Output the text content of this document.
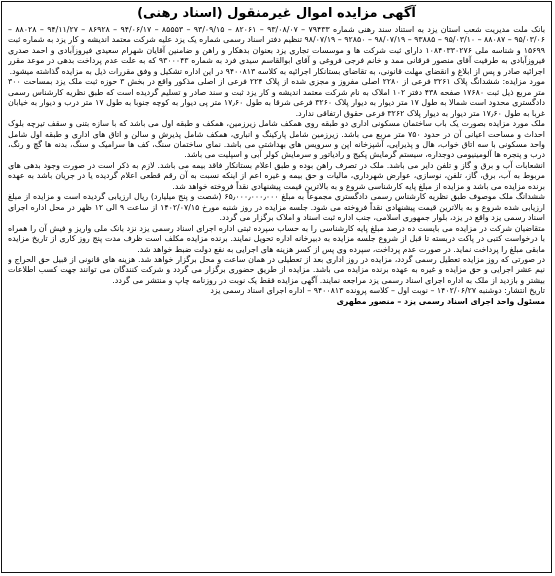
آگهی مزایده اموال غیرمنقول (اسناد رهنی)

بانک ملت مدیریت شعب استان یزد به استناد سند رهنی شماره ۷۹۴۳۳ – ۹۳/۰۸/۰۷ – ۸۲۰۶۱ – ۹۳/۰۹/۱۵ – ۸۵۵۵۳ – ۹۴/۰۶/۱۷ – ۸۶۹۲۸ – ۹۴/۱۱/۲۷ – ۸۸۰۲۸ – ۹۵/۰۳/۰۶ – ۸۸۰۸۷ – ۹۵/۰۳/۱۰ – ۹۳۸۸۵ – ۹۸/۰۷/۱۹ – ۹۲۸۵۰ – ۹۸/۰۷/۱۹ تنظیم دفتر اسناد رسمی شماره یک یزد علیه شرکت معتمد اندیشه و کار یزد به شماره ثبت ۱۵۶۹۹ و شناسه ملی ۱۰۸۴۰۳۳۰۲۷۶ دارای ثبت شرکت ها و موسسات تجاری یزد بعنوان بدهکار و راهن و ضامنین آقایان شهرام سعیدی فیروزآبادی و احمد صدری فیروزآبادی به طرفیت آقای منصور فرقانی ممد و خانم فرجی فروغی و آقای ابوالقاسم سیدی فرد به شماره ۹۳۰۰۰۴۳ که به علت عدم پرداخت بدهی در موعد مقرر اجرائیه صادر و پس از ابلاغ و انقضای مهلت قانونی، به تقاضای بستانکار اجرائیه به کلاسه ۹۴۰۰۸۱۳ در این اداره تشکیل و وفق مقررات ذیل به مزایده گذاشته میشود.

مورد مزایده: ششدانگ پلاک ۳۲۶۱ فرعی از ۲۲۸۰ اصلی مفروز و مجزی شده از پلاک ۲۲۴ فرعی از اصلی مذکور واقع در بخش ۳ حوزه ثبت ملک یزد بمساحت ۳۰۰ متر مربع ذیل ثبت ۱۷۶۸۰ صفحه ۴۳۸ دفتر ۱۰۲ املاک به نام شرکت معتمد اندیشه و کار یزد ثبت و سند صادر و تسلیم گردیده است که طبق نظریه کارشناس رسمی دادگستری محدود است شمالا به طول ۱۷ متر دیوار به دیوار پلاک ۳۲۶۰ فرعی شرقا به طول ۱۷٫۶۰ متر پی دیوار به کوچه جنوبا به طول ۱۷ متر درب و دیوار به خیابان غربا به طول ۱۷٫۶۰ متر دیوار به دیوار پلاک ۳۲۶۲ فرعی حقوق ارتفاقی ندارد.

ملک مورد مزایده بصورت یک باب ساختمان مسکونی اداری دو طبقه روی همکف شامل زیرزمین، همکف و طبقه اول می باشد که با سازه بتنی و سقف تیرچه بلوک احداث و مساحت اعیانی آن در حدود ۷۵۰ متر مربع می باشد. زیرزمین شامل پارکینگ و انباری، همکف شامل پذیرش و سالن و اتاق های اداری و طبقه اول شامل واحد مسکونی با سه اتاق خواب، هال و پذیرایی، آشپزخانه اپن و سرویس های بهداشتی می باشد. نمای ساختمان سنگ، کف ها سرامیک و سنگ، بدنه ها گچ و رنگ، درب و پنجره ها آلومینیومی دوجداره، سیستم گرمایش پکیج و رادیاتور و سرمایش کولر آبی و اسپلیت می باشد.

انشعابات آب و برق و گاز و تلفن دایر می باشد. ملک در تصرف راهن بوده و طبق اعلام بستانکار فاقد بیمه می باشد. لازم به ذکر است در صورت وجود بدهی های مربوط به آب، برق، گاز، تلفن، نوسازی، عوارض شهرداری، مالیات و حق بیمه و غیره اعم از اینکه نسبت به آن رقم قطعی اعلام گردیده یا در جریان باشد به عهده برنده مزایده می باشد و مزایده از مبلغ پایه کارشناسی شروع و به بالاترین قیمت پیشنهادی نقداً فروخته خواهد شد.

ششدانگ ملک موصوف طبق نظریه کارشناس رسمی دادگستری مجموعاً به مبلغ ۶۵٫۰۰۰٫۰۰۰٫۰۰۰ (شصت و پنج میلیارد) ریال ارزیابی گردیده است و مزایده از مبلغ ارزیابی شده شروع و به بالاترین قیمت پیشنهادی نقداً فروخته می شود. جلسه مزایده در روز شنبه مورخ ۱۴۰۲/۰۷/۱۵ از ساعت ۹ الی ۱۲ ظهر در محل اداره اجرای اسناد رسمی یزد واقع در یزد، بلوار جمهوری اسلامی، جنب اداره ثبت اسناد و املاک برگزار می گردد.

متقاضیان شرکت در مزایده می بایست ده درصد مبلغ پایه کارشناسی را به حساب سپرده ثبتی اداره اجرای اسناد رسمی یزد نزد بانک ملی واریز و فیش آن را همراه با درخواست کتبی در پاکت دربسته تا قبل از شروع جلسه مزایده به دبیرخانه اداره تحویل نمایند. برنده مزایده مکلف است ظرف مدت پنج روز کاری از تاریخ مزایده مابقی مبلغ را پرداخت نماید. در صورت عدم پرداخت، سپرده وی پس از کسر هزینه های اجرایی به نفع دولت ضبط خواهد شد.

در صورتی که روز مزایده تعطیل رسمی گردد، مزایده در روز اداری بعد از تعطیلی در همان ساعت و محل برگزار خواهد شد. هزینه های قانونی از قبیل حق الحراج و نیم عشر اجرایی و حق مزایده و غیره به عهده برنده مزایده می باشد. مزایده از طریق حضوری برگزار می گردد و شرکت کنندگان می توانند جهت کسب اطلاعات بیشتر و بازدید از ملک به اداره اجرای اسناد رسمی یزد مراجعه نمایند. آگهی مزایده فقط یک نوبت در روزنامه چاپ و منتشر می گردد.

تاریخ انتشار: دوشنبه ۱۴۰۲/۰۶/۲۷ – نوبت اول – کلاسه پرونده ۹۴۰۰۸۱۳ – اداره اجرای اسناد رسمی یزد

مسئول واحد اجرای اسناد رسمی یزد – منصور مطهری
